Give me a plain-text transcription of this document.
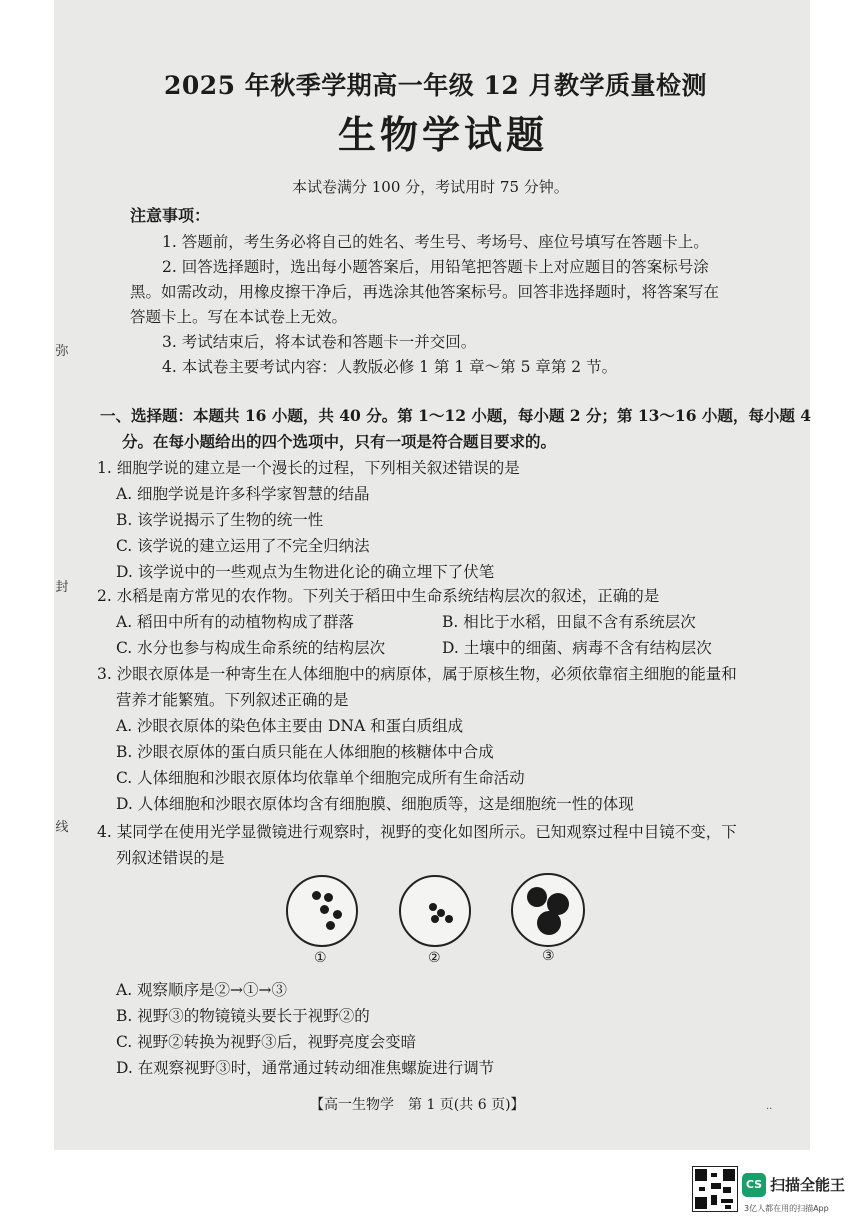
2025 年秋季学期高一年级 12 月教学质量检测
生物学试题
本试卷满分 100 分，考试用时 75 分钟。
注意事项：
1. 答题前，考生务必将自己的姓名、考生号、考场号、座位号填写在答题卡上。
2. 回答选择题时，选出每小题答案后，用铅笔把答题卡上对应题目的答案标号涂
黑。如需改动，用橡皮擦干净后，再选涂其他答案标号。回答非选择题时，将答案写在
答题卡上。写在本试卷上无效。
3. 考试结束后，将本试卷和答题卡一并交回。
4. 本试卷主要考试内容：人教版必修 1 第 1 章～第 5 章第 2 节。
弥
封
线
一、选择题：本题共 16 小题，共 40 分。第 1～12 小题，每小题 2 分；第 13～16 小题，每小题 4
分。在每小题给出的四个选项中，只有一项是符合题目要求的。
1. 细胞学说的建立是一个漫长的过程，下列相关叙述错误的是
A. 细胞学说是许多科学家智慧的结晶
B. 该学说揭示了生物的统一性
C. 该学说的建立运用了不完全归纳法
D. 该学说中的一些观点为生物进化论的确立埋下了伏笔
2. 水稻是南方常见的农作物。下列关于稻田中生命系统结构层次的叙述，正确的是
A. 稻田中所有的动植物构成了群落	B. 相比于水稻，田鼠不含有系统层次
C. 水分也参与构成生命系统的结构层次	D. 土壤中的细菌、病毒不含有结构层次
3. 沙眼衣原体是一种寄生在人体细胞中的病原体，属于原核生物，必须依靠宿主细胞的能量和
营养才能繁殖。下列叙述正确的是
A. 沙眼衣原体的染色体主要由 DNA 和蛋白质组成
B. 沙眼衣原体的蛋白质只能在人体细胞的核糖体中合成
C. 人体细胞和沙眼衣原体均依靠单个细胞完成所有生命活动
D. 人体细胞和沙眼衣原体均含有细胞膜、细胞质等，这是细胞统一性的体现
4. 某同学在使用光学显微镜进行观察时，视野的变化如图所示。已知观察过程中目镜不变，下
列叙述错误的是
①	②	③
A. 观察顺序是②→①→③
B. 视野③的物镜镜头要长于视野②的
C. 视野②转换为视野③后，视野亮度会变暗
D. 在观察视野③时，通常通过转动细准焦螺旋进行调节
【高一生物学　第 1 页(共 6 页)】	··
CS 扫描全能王
3亿人都在用的扫描App
